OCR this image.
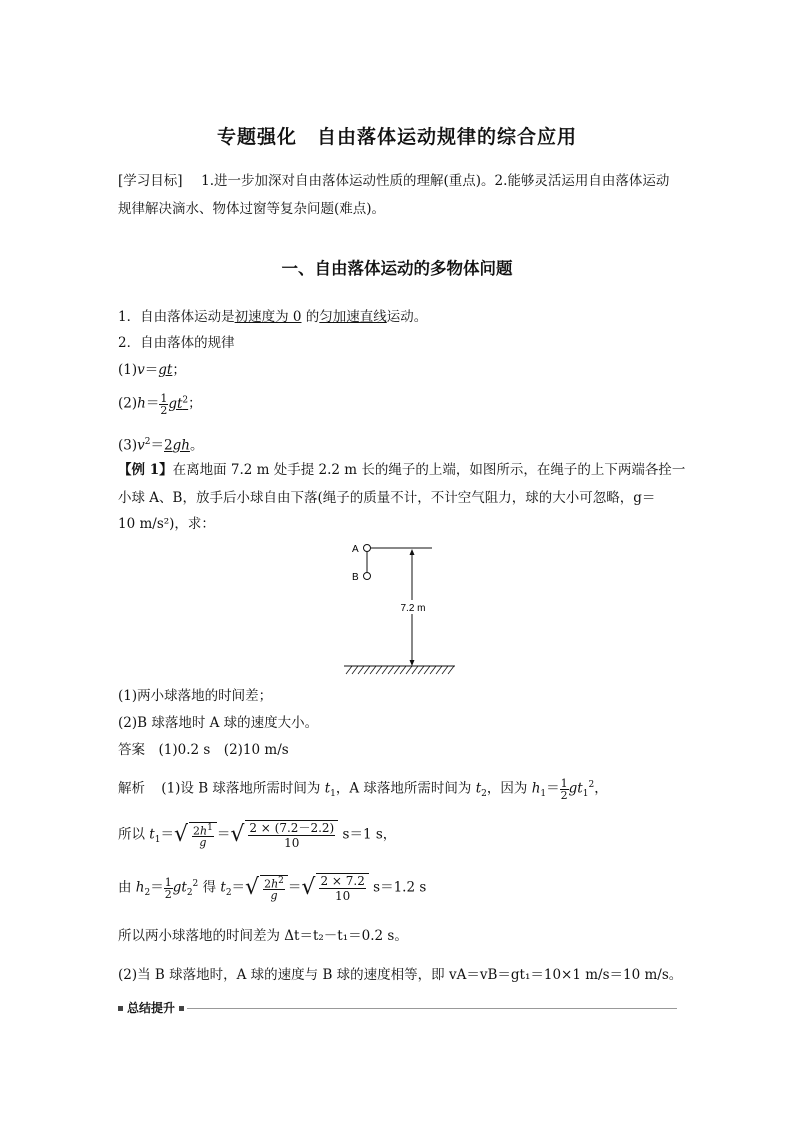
专题强化　自由落体运动规律的综合应用
[学习目标] 1.进一步加深对自由落体运动性质的理解(重点)。2.能够灵活运用自由落体运动
规律解决滴水、物体过窗等复杂问题(难点)。
一、自由落体运动的多物体问题
1．自由落体运动是初速度为 0 的匀加速直线运动。
2．自由落体的规律
(1)v＝gt；
$(2)h= \frac{1}{2} gt^2$；
$(3)v^2=2gh$。
【例 1】在离地面 7.2 m 处手提 2.2 m 长的绳子的上端，如图所示，在绳子的上下两端各拴一
小球 A、B，放手后小球自由下落(绳子的质量不计，不计空气阻力，球的大小可忽略，g＝
10 m/s²)，求：
A
B
7.2 m
(1)两小球落地的时间差；
(2)B 球落地时 A 球的速度大小。
答案　(1)0.2 s　(2)10 m/s
解析 (1)设 B 球落地所需时间为 $t_1$，A 球落地所需时间为 $t_2$，因为 $h_1= \frac{1}{2} gt_1^2$，
所以 $t_1=√ \frac{2h^1}{g}$ ＝√ $\frac{2 \times (7.2-2.2)}{10} s=1$ s，
由 $h_2= \frac{1}{2} gt_2^2$ 得 $t_2=√ \frac{2h^2}{g}$ ＝√ $\frac{2 \times 7.2}{10} s=1.2$ s
所以两小球落地的时间差为 Δt＝t₂－t₁＝0.2 s。
(2)当 B 球落地时，A 球的速度与 B 球的速度相等，即 vA＝vB＝gt₁＝10×1 m/s＝10 m/s。
总结提升
